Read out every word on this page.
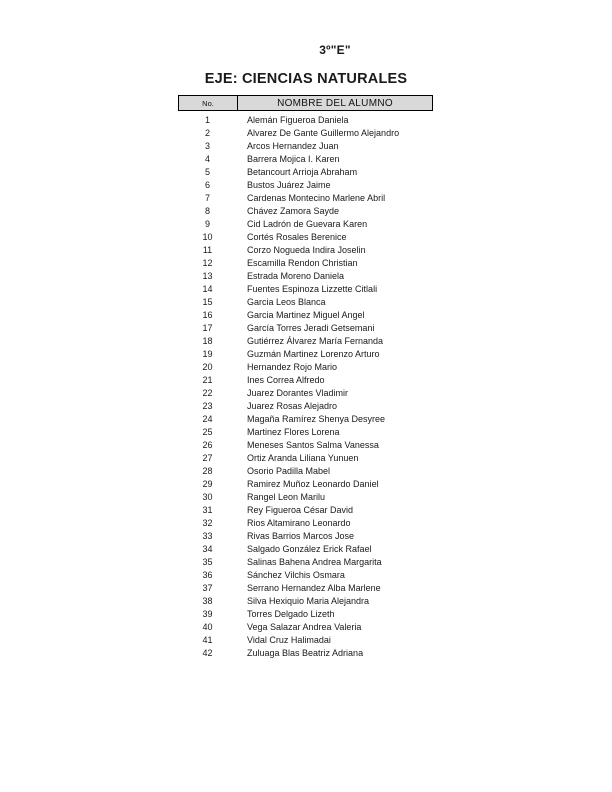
3º"E"
EJE: CIENCIAS NATURALES
No.	NOMBRE DEL ALUMNO
1	Alemán Figueroa Daniela
2	Alvarez De Gante Guillermo Alejandro
3	Arcos Hernandez Juan
4	Barrera Mojica I. Karen
5	Betancourt Arrioja Abraham
6	Bustos Juárez Jaime
7	Cardenas Montecino Marlene Abril
8	Chávez Zamora Sayde
9	Cid Ladrón de Guevara Karen
10	Cortés Rosales Berenice
11	Corzo Nogueda Indira Joselin
12	Escamilla Rendon Christian
13	Estrada Moreno Daniela
14	Fuentes Espinoza Lizzette Citlali
15	Garcia Leos Blanca
16	Garcia Martinez Miguel Angel
17	García Torres Jeradi Getsemani
18	Gutiérrez Álvarez María Fernanda
19	Guzmán Martinez Lorenzo Arturo
20	Hernandez Rojo Mario
21	Ines Correa Alfredo
22	Juarez Dorantes Vladimir
23	Juarez Rosas Alejadro
24	Magaña Ramírez Shenya Desyree
25	Martinez Flores Lorena
26	Meneses Santos Salma Vanessa
27	Ortiz Aranda Liliana Yunuen
28	Osorio Padilla Mabel
29	Ramirez Muñoz Leonardo Daniel
30	Rangel Leon Marilu
31	Rey Figueroa César David
32	Rios Altamirano Leonardo
33	Rivas Barrios Marcos Jose
34	Salgado González Erick Rafael
35	Salinas Bahena Andrea Margarita
36	Sánchez Vilchis Osmara
37	Serrano Hernandez Alba Marlene
38	Silva Hexiquio Maria Alejandra
39	Torres Delgado Lizeth
40	Vega Salazar Andrea Valeria
41	Vidal Cruz Halimadai
42	Zuluaga Blas Beatriz Adriana
